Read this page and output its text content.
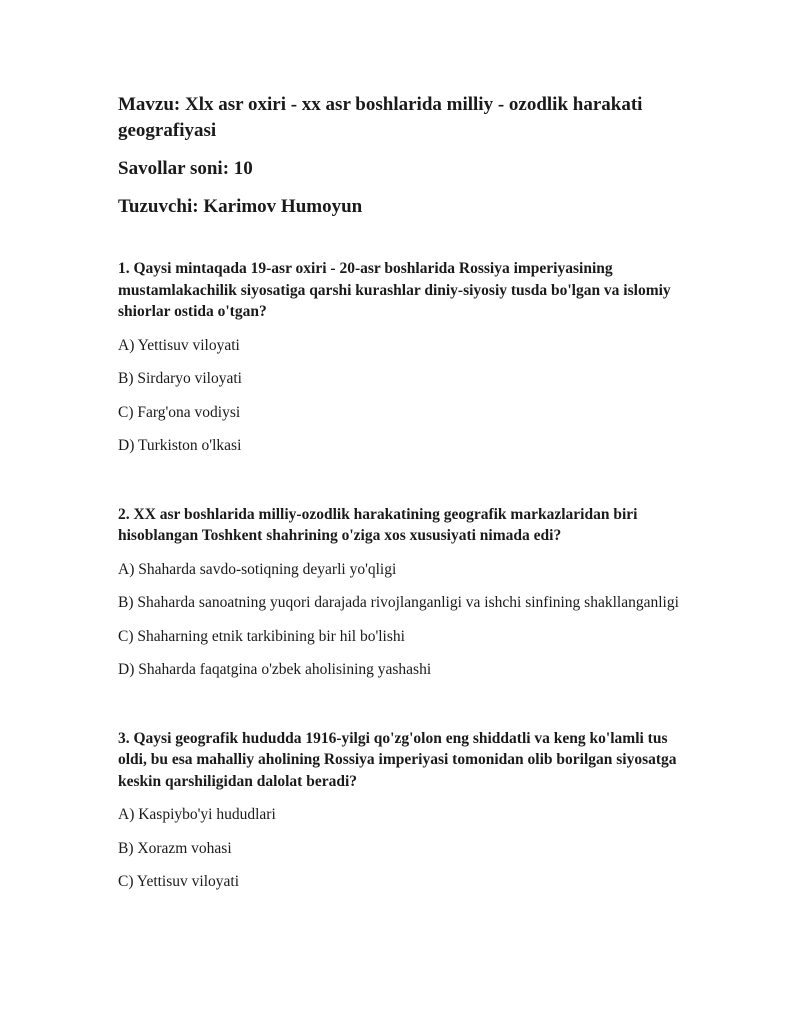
Mavzu: Xlx asr oxiri - xx asr boshlarida milliy - ozodlik harakati geografiyasi
Savollar soni: 10
Tuzuvchi: Karimov Humoyun
1. Qaysi mintaqada 19-asr oxiri - 20-asr boshlarida Rossiya imperiyasining mustamlakachilik siyosatiga qarshi kurashlar diniy-siyosiy tusda bo'lgan va islomiy shiorlar ostida o'tgan?
A) Yettisuv viloyati
B) Sirdaryo viloyati
C) Farg'ona vodiysi
D) Turkiston o'lkasi
2. XX asr boshlarida milliy-ozodlik harakatining geografik markazlaridan biri hisoblangan Toshkent shahrining o'ziga xos xususiyati nimada edi?
A) Shaharda savdo-sotiqning deyarli yo'qligi
B) Shaharda sanoatning yuqori darajada rivojlanganligi va ishchi sinfining shakllanganligi
C) Shaharning etnik tarkibining bir hil bo'lishi
D) Shaharda faqatgina o'zbek aholisining yashashi
3. Qaysi geografik hududda 1916-yilgi qo'zg'olon eng shiddatli va keng ko'lamli tus oldi, bu esa mahalliy aholining Rossiya imperiyasi tomonidan olib borilgan siyosatga keskin qarshiligidan dalolat beradi?
A) Kaspiybo'yi hududlari
B) Xorazm vohasi
C) Yettisuv viloyati
